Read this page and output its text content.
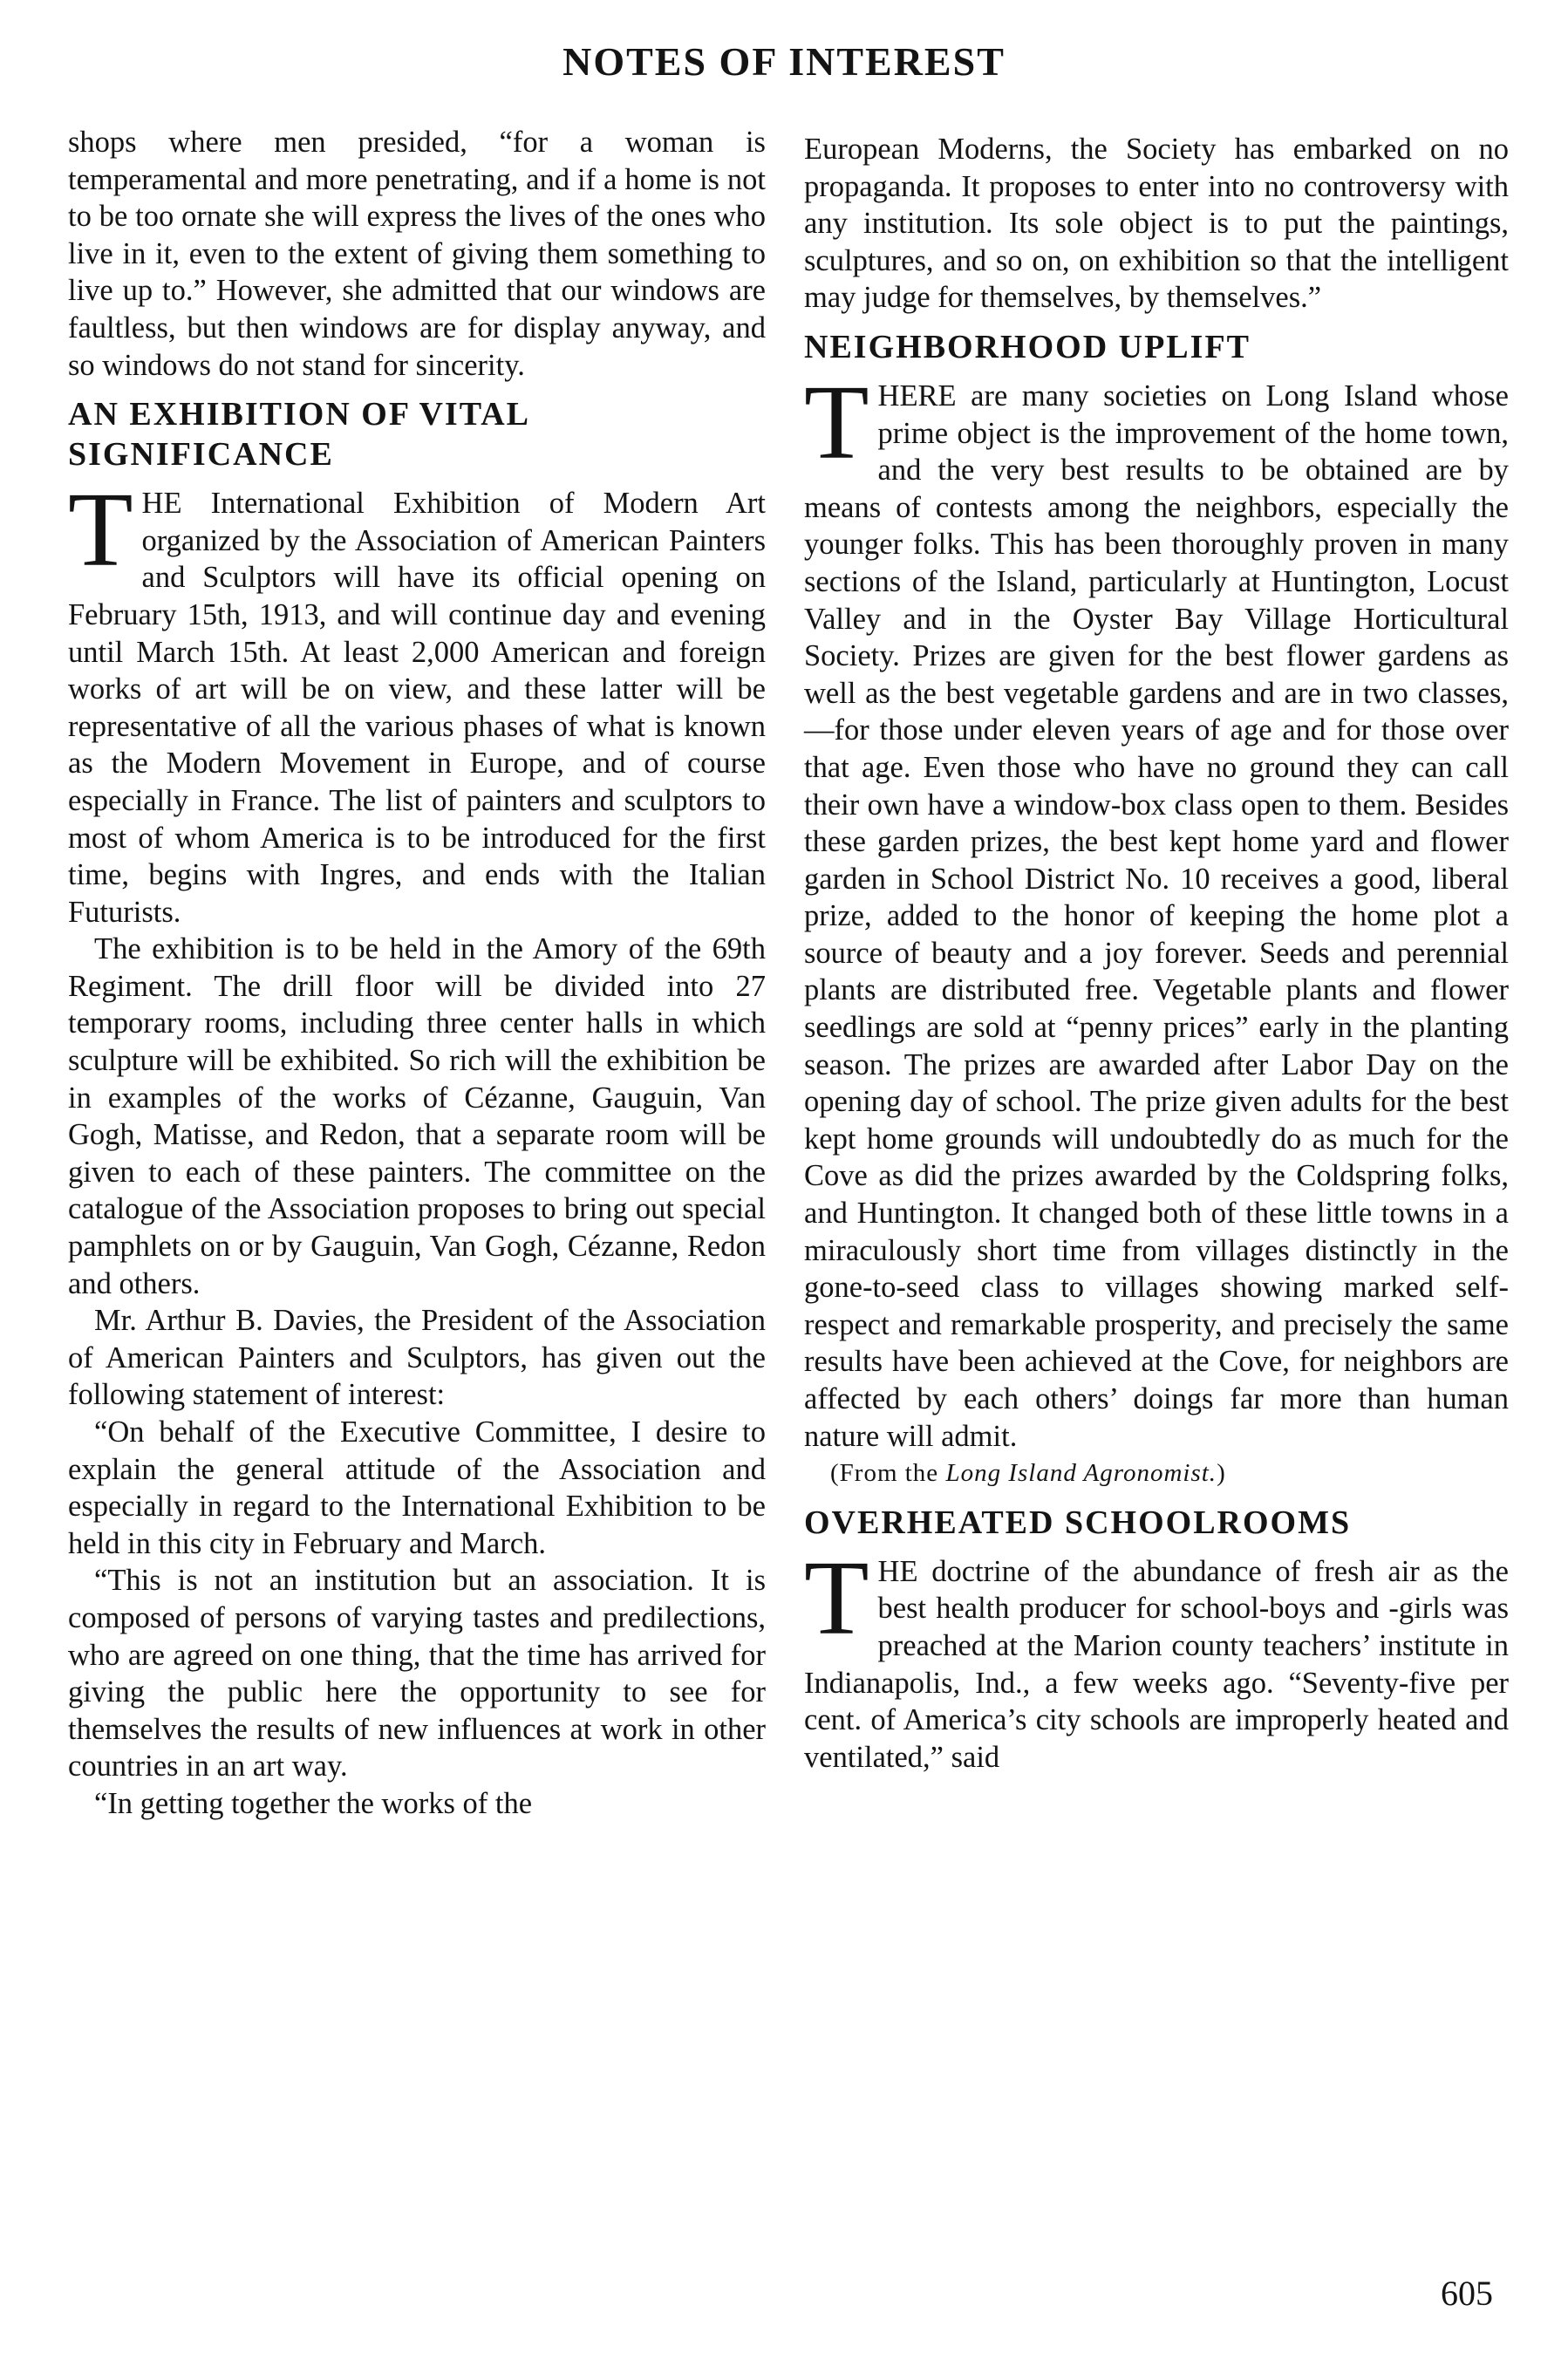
NOTES OF INTEREST

shops where men presided, “for a woman is temperamental and more penetrating, and if a home is not to be too ornate she will express the lives of the ones who live in it, even to the extent of giving them something to live up to.” However, she admitted that our windows are faultless, but then windows are for display anyway, and so windows do not stand for sincerity.

AN EXHIBITION OF VITAL SIGNIFICANCE

THE International Exhibition of Modern Art organized by the Association of American Painters and Sculptors will have its official opening on February 15th, 1913, and will continue day and evening until March 15th. At least 2,000 American and foreign works of art will be on view, and these latter will be representative of all the various phases of what is known as the Modern Movement in Europe, and of course especially in France. The list of painters and sculptors to most of whom America is to be introduced for the first time, begins with Ingres, and ends with the Italian Futurists.

The exhibition is to be held in the Amory of the 69th Regiment. The drill floor will be divided into 27 temporary rooms, including three center halls in which sculpture will be exhibited. So rich will the exhibition be in examples of the works of Cézanne, Gauguin, Van Gogh, Matisse, and Redon, that a separate room will be given to each of these painters. The committee on the catalogue of the Association proposes to bring out special pamphlets on or by Gauguin, Van Gogh, Cézanne, Redon and others.

Mr. Arthur B. Davies, the President of the Association of American Painters and Sculptors, has given out the following statement of interest:

“On behalf of the Executive Committee, I desire to explain the general attitude of the Association and especially in regard to the International Exhibition to be held in this city in February and March.

“This is not an institution but an association. It is composed of persons of varying tastes and predilections, who are agreed on one thing, that the time has arrived for giving the public here the opportunity to see for themselves the results of new influences at work in other countries in an art way.

“In getting together the works of the

European Moderns, the Society has embarked on no propaganda. It proposes to enter into no controversy with any institution. Its sole object is to put the paintings, sculptures, and so on, on exhibition so that the intelligent may judge for themselves, by themselves.”

NEIGHBORHOOD UPLIFT

THERE are many societies on Long Island whose prime object is the improvement of the home town, and the very best results to be obtained are by means of contests among the neighbors, especially the younger folks. This has been thoroughly proven in many sections of the Island, particularly at Huntington, Locust Valley and in the Oyster Bay Village Horticultural Society. Prizes are given for the best flower gardens as well as the best vegetable gardens and are in two classes,—for those under eleven years of age and for those over that age. Even those who have no ground they can call their own have a window-box class open to them. Besides these garden prizes, the best kept home yard and flower garden in School District No. 10 receives a good, liberal prize, added to the honor of keeping the home plot a source of beauty and a joy forever. Seeds and perennial plants are distributed free. Vegetable plants and flower seedlings are sold at “penny prices” early in the planting season. The prizes are awarded after Labor Day on the opening day of school. The prize given adults for the best kept home grounds will undoubtedly do as much for the Cove as did the prizes awarded by the Coldspring folks, and Huntington. It changed both of these little towns in a miraculously short time from villages distinctly in the gone-to-seed class to villages showing marked self-respect and remarkable prosperity, and precisely the same results have been achieved at the Cove, for neighbors are affected by each others’ doings far more than human nature will admit.

(From the Long Island Agronomist.)

OVERHEATED SCHOOLROOMS

THE doctrine of the abundance of fresh air as the best health producer for school-boys and -girls was preached at the Marion county teachers’ institute in Indianapolis, Ind., a few weeks ago. “Seventy-five per cent. of America’s city schools are improperly heated and ventilated,” said

605
